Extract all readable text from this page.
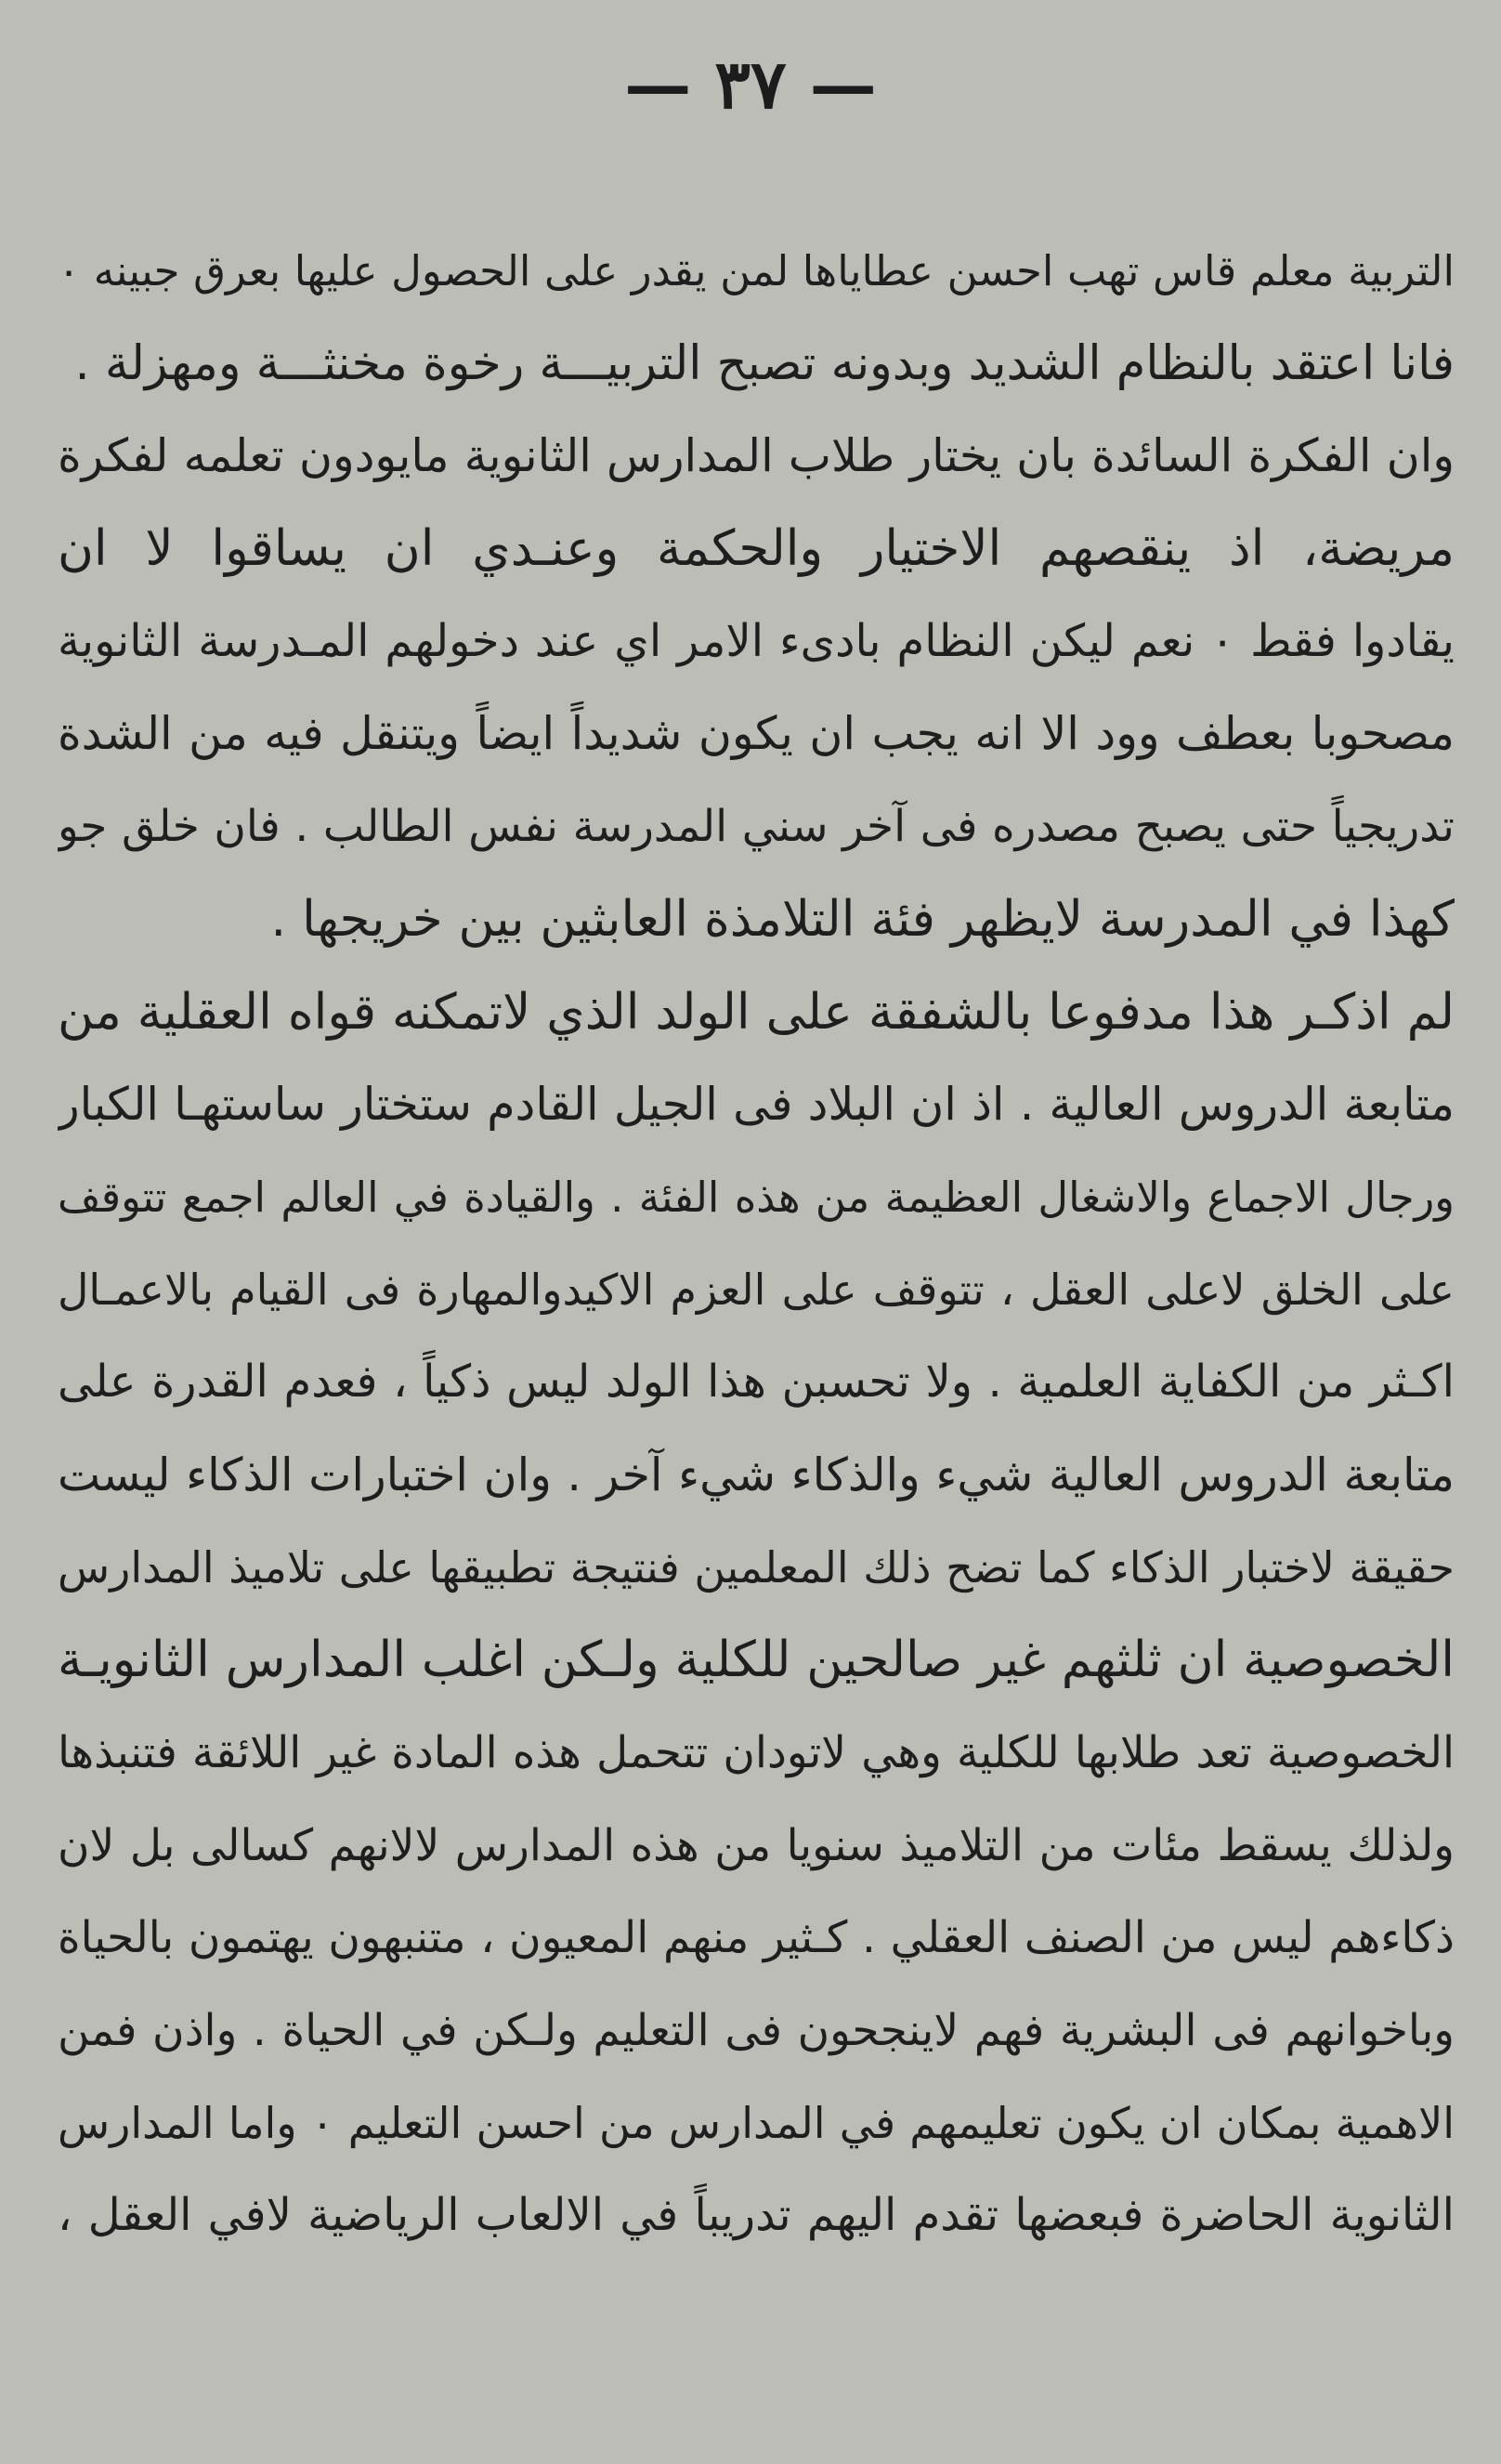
— ٣٧ —
التربية معلم قاس تهب احسن عطاياها لمن يقدر على الحصول عليها بعرق جبينه ٠
فانا اعتقد بالنظام الشديد وبدونه تصبح التربيـــة رخوة مخنثـــة ومهزلة .
وان الفكرة السائدة بان يختار طلاب المدارس الثانوية مايودون تعلمه لفكرة
مريضة، اذ ينقصهم الاختيار والحكمة وعنـدي ان يساقوا لا ان
يقادوا فقط ٠ نعم ليكن النظام بادىء الامر اي عند دخولهم المـدرسة الثانوية
مصحوبا بعطف وود الا انه يجب ان يكون شديداً ايضاً ويتنقل فيه من الشدة
تدريجياً حتى يصبح مصدره فى آخر سني المدرسة نفس الطالب . فان خلق جو
كهذا في المدرسة لايظهر فئة التلامذة العابثين بين خريجها .
لم اذكـر هذا مدفوعا بالشفقة على الولد الذي لاتمكنه قواه العقلية من
متابعة الدروس العالية . اذ ان البلاد فى الجيل القادم ستختار ساستهـا الكبار
ورجال الاجماع والاشغال العظيمة من هذه الفئة . والقيادة في العالم اجمع تتوقف
على الخلق لاعلى العقل ، تتوقف على العزم الاكيدوالمهارة فى القيام بالاعمـال
اكـثر من الكفاية العلمية . ولا تحسبن هذا الولد ليس ذكياً ، فعدم القدرة على
متابعة الدروس العالية شيء والذكاء شيء آخر . وان اختبارات الذكاء ليست
حقيقة لاختبار الذكاء كما تضح ذلك المعلمين فنتيجة تطبيقها على تلاميذ المدارس
الخصوصية ان ثلثهم غير صالحين للكلية ولـكن اغلب المدارس الثانويـة
الخصوصية تعد طلابها للكلية وهي لاتودان تتحمل هذه المادة غير اللائقة فتنبذها
ولذلك يسقط مئات من التلاميذ سنويا من هذه المدارس لالانهم كسالى بل لان
ذكاءهم ليس من الصنف العقلي . كـثير منهم المعيون ، متنبهون يهتمون بالحياة
وباخوانهم فى البشرية فهم لاينجحون فى التعليم ولـكن في الحياة . واذن فمن
الاهمية بمكان ان يكون تعليمهم في المدارس من احسن التعليم ٠ واما المدارس
الثانوية الحاضرة فبعضها تقدم اليهم تدريباً في الالعاب الرياضية لافي العقل ،
